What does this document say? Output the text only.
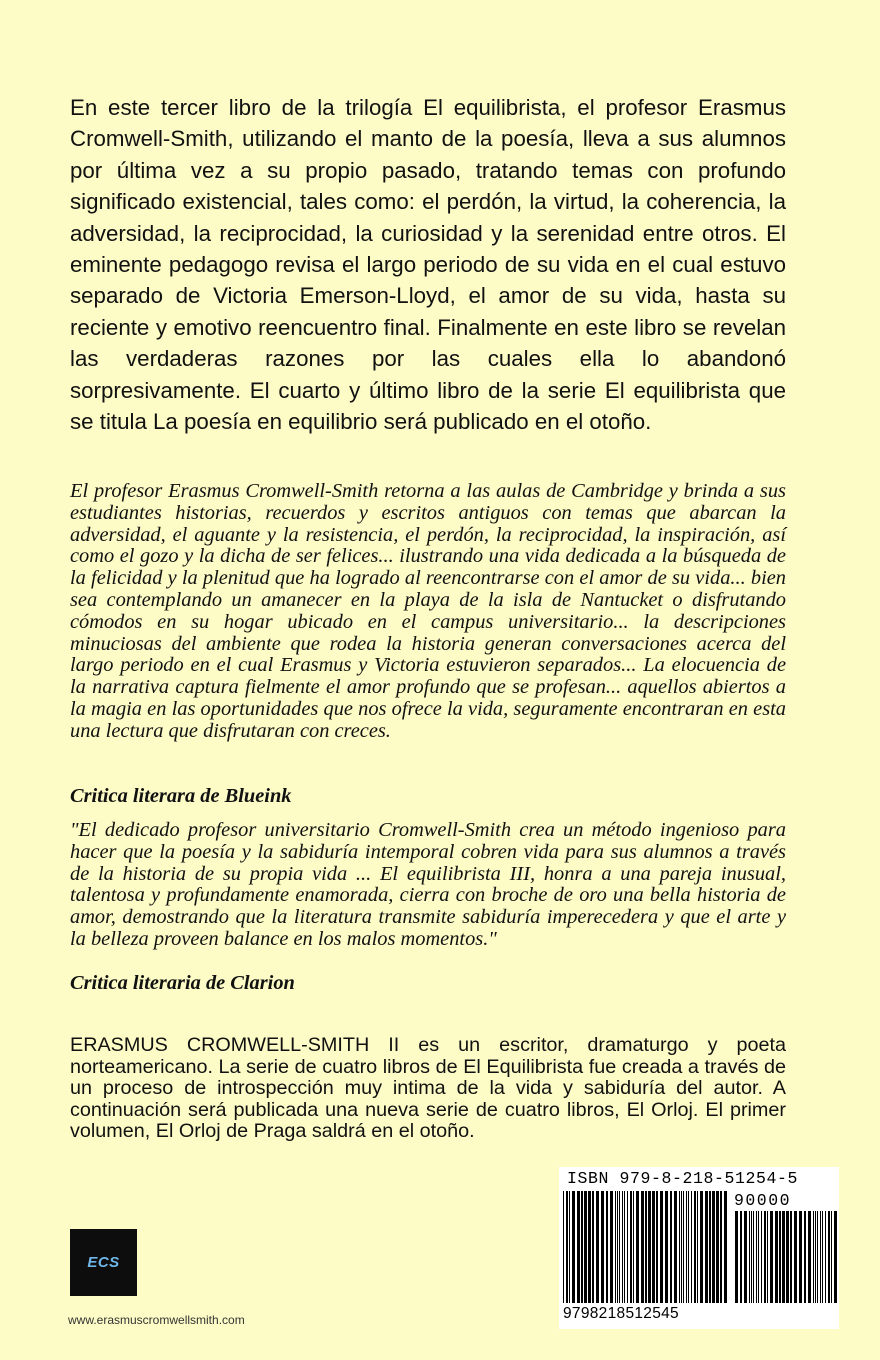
En este tercer libro de la trilogía El equilibrista, el profesor Erasmus Cromwell-Smith, utilizando el manto de la poesía, lleva a sus alumnos por última vez a su propio pasado, tratando temas con profundo significado existencial, tales como: el perdón, la virtud, la coherencia, la adversidad, la reciprocidad, la curiosidad y la serenidad entre otros. El eminente pedagogo revisa el largo periodo de su vida en el cual estuvo separado de Victoria Emerson-Lloyd, el amor de su vida, hasta su reciente y emotivo reencuentro final. Finalmente en este libro se revelan las verdaderas razones por las cuales ella lo abandonó sorpresivamente. El cuarto y último libro de la serie El equilibrista que se titula La poesía en equilibrio será publicado en el otoño.

El profesor Erasmus Cromwell-Smith retorna a las aulas de Cambridge y brinda a sus estudiantes historias, recuerdos y escritos antiguos con temas que abarcan la adversidad, el aguante y la resistencia, el perdón, la reciprocidad, la inspiración, así como el gozo y la dicha de ser felices... ilustrando una vida dedicada a la búsqueda de la felicidad y la plenitud que ha logrado al reencontrarse con el amor de su vida... bien sea contemplando un amanecer en la playa de la isla de Nantucket o disfrutando cómodos en su hogar ubicado en el campus universitario... la descripciones minuciosas del ambiente que rodea la historia generan conversaciones acerca del largo periodo en el cual Erasmus y Victoria estuvieron separados... La elocuencia de la narrativa captura fielmente el amor profundo que se profesan... aquellos abiertos a la magia en las oportunidades que nos ofrece la vida, seguramente encontraran en esta una lectura que disfrutaran con creces.

Critica literara de Blueink

"El dedicado profesor universitario Cromwell-Smith crea un método ingenioso para hacer que la poesía y la sabiduría intemporal cobren vida para sus alumnos a través de la historia de su propia vida ... El equilibrista III, honra a una pareja inusual, talentosa y profundamente enamorada, cierra con broche de oro una bella historia de amor, demostrando que la literatura transmite sabiduría imperecedera y que el arte y la belleza proveen balance en los malos momentos."

Critica literaria de Clarion

ERASMUS CROMWELL-SMITH II es un escritor, dramaturgo y poeta norteamericano. La serie de cuatro libros de El Equilibrista fue creada a través de un proceso de introspección muy intima de la vida y sabiduría del autor. A continuación será publicada una nueva serie de cuatro libros, El Orloj. El primer volumen, El Orloj de Praga saldrá en el otoño.

ECS
www.erasmuscromwellsmith.com
ISBN 979-8-218-51254-5
90000
9798218512545
